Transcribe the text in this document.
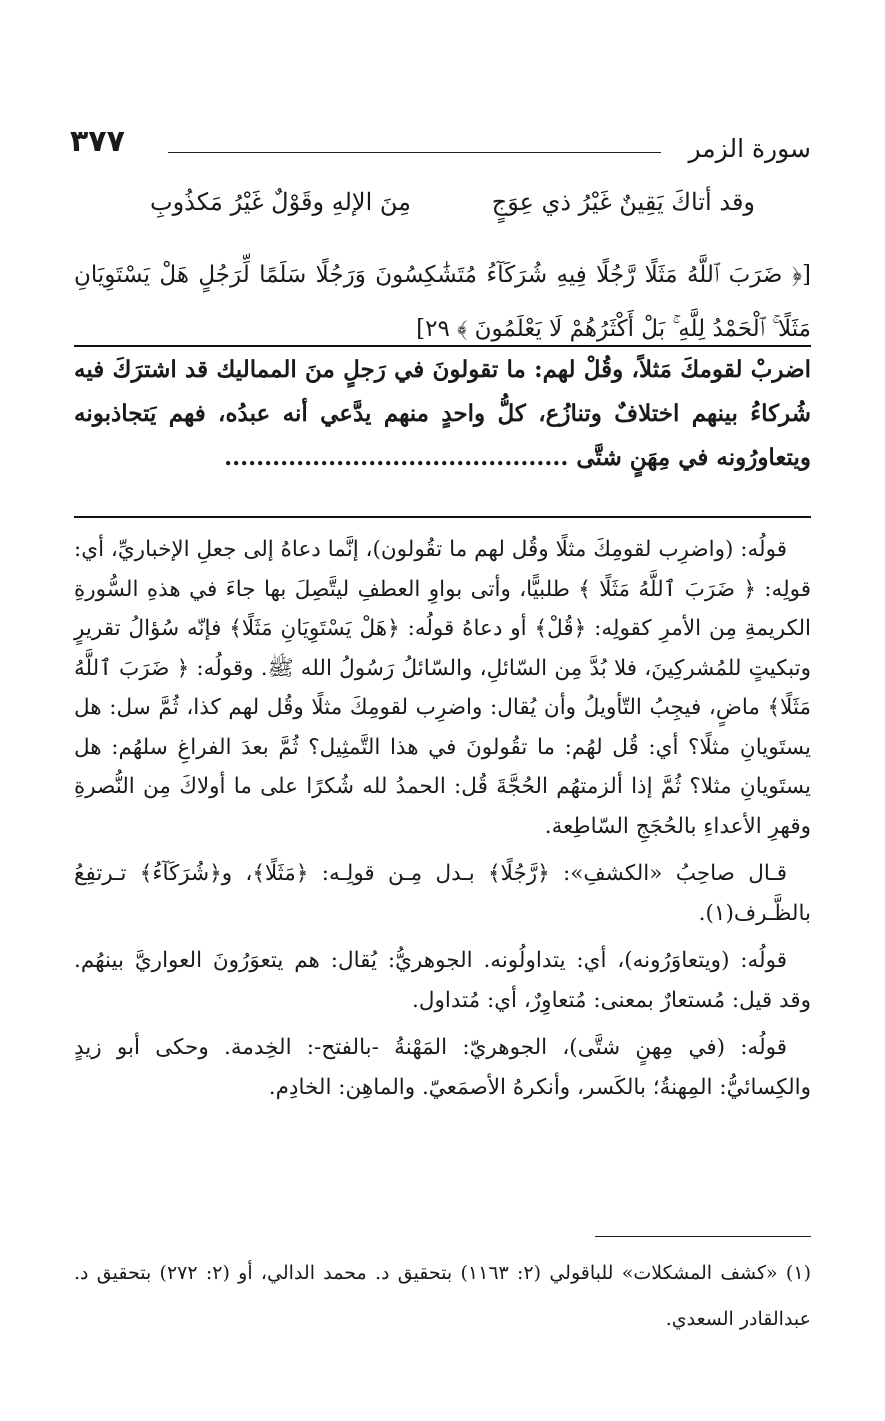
سورة الزمر
٣٧٧
وقد أتاكَ يَقِينٌ غَيْرُ ذي عِوَجٍ
مِنَ الإلهِ وقَوْلٌ غَيْرُ مَكذُوبِ
[﴿ ضَرَبَ ٱللَّهُ مَثَلًا رَّجُلًا فِيهِ شُرَكَآءُ مُتَشَٰكِسُونَ وَرَجُلًا سَلَمًا لِّرَجُلٍ هَلْ يَسْتَوِيَانِ مَثَلًا ۚ ٱلْحَمْدُ لِلَّهِ ۚ بَلْ أَكْثَرُهُمْ لَا يَعْلَمُونَ ﴾ ٢٩]
اضربْ لقومكَ مَثلاً، وقُلْ لهم: ما تقولونَ في رَجلٍ منَ المماليك قد اشترَكَ فيه شُركاءُ بينهم اختلافٌ وتنازُع، كلُّ واحدٍ منهم يدَّعي أنه عبدُه، فهم يَتجاذبونه ويتعاورُونه في مِهَنٍ شتَّى ...........................................

قولُه: (واضرِب لقومِكَ مثلًا وقُل لهم ما تقُولون)، إنَّما دعاهُ إلى جعلِ الإخباريِّ، أي: قولِه: ﴿ ضَرَبَ ٱللَّهُ مَثَلًا ﴾ طلبيًّا، وأتى بواوِ العطفِ ليتَّصِلَ بها جاءَ في هذهِ السُّورةِ الكريمةِ مِن الأمرِ كقولِه: ﴿قُلْ﴾ أو دعاهُ قولُه: ﴿هَلْ يَسْتَوِيَانِ مَثَلًا﴾ فإنّه سُؤالُ تقريرٍ وتبكيتٍ للمُشركِينَ، فلا بُدَّ مِن السّائلِ، والسّائلُ رَسُولُ الله ﷺ. وقولُه: ﴿ ضَرَبَ ٱللَّهُ مَثَلًا﴾ ماضٍ، فيجِبُ التّأويلُ وأن يُقال: واضرِب لقومِكَ مثلًا وقُل لهم كذا، ثُمَّ سل: هل يستَويانِ مثلًا؟ أي: قُل لهُم: ما تقُولونَ في هذا التَّمثِيل؟ ثُمَّ بعدَ الفراغِ سلهُم: هل يستَويانِ مثلا؟ ثُمَّ إذا ألزمتهُم الحُجَّةَ قُل: الحمدُ لله شُكرًا على ما أولاكَ مِن النُّصرةِ وقهرِ الأعداءِ بالحُجَجِ السّاطِعة.

قـال صاحِبُ «الكشفِ»: ﴿رَّجُلًا﴾ بـدل مِـن قولِـه: ﴿مَثَلًا﴾، و﴿شُرَكَآءُ﴾ تـرتفِعُ بالظَّـرف(١).

قولُه: (ويتعاوَرُونه)، أي: يتداولُونه. الجوهريُّ: يُقال: هم يتعوَرُونَ العواريَّ بينهُم. وقد قيل: مُستعارٌ بمعنى: مُتعاوِرٌ، أي: مُتداول.

قولُه: (في مِهنٍ شتَّى)، الجوهريّ: المَهْنةُ -بالفتح-: الخِدمة. وحكى أبو زيدٍ والكِسائيُّ: المِهنةُ؛ بالكَسر، وأنكرهُ الأصمَعيّ. والماهِن: الخادِم.

(١) «كشف المشكلات» للباقولي (٢: ١١٦٣) بتحقيق د. محمد الدالي، أو (٢: ٢٧٢) بتحقيق د. عبدالقادر السعدي.
